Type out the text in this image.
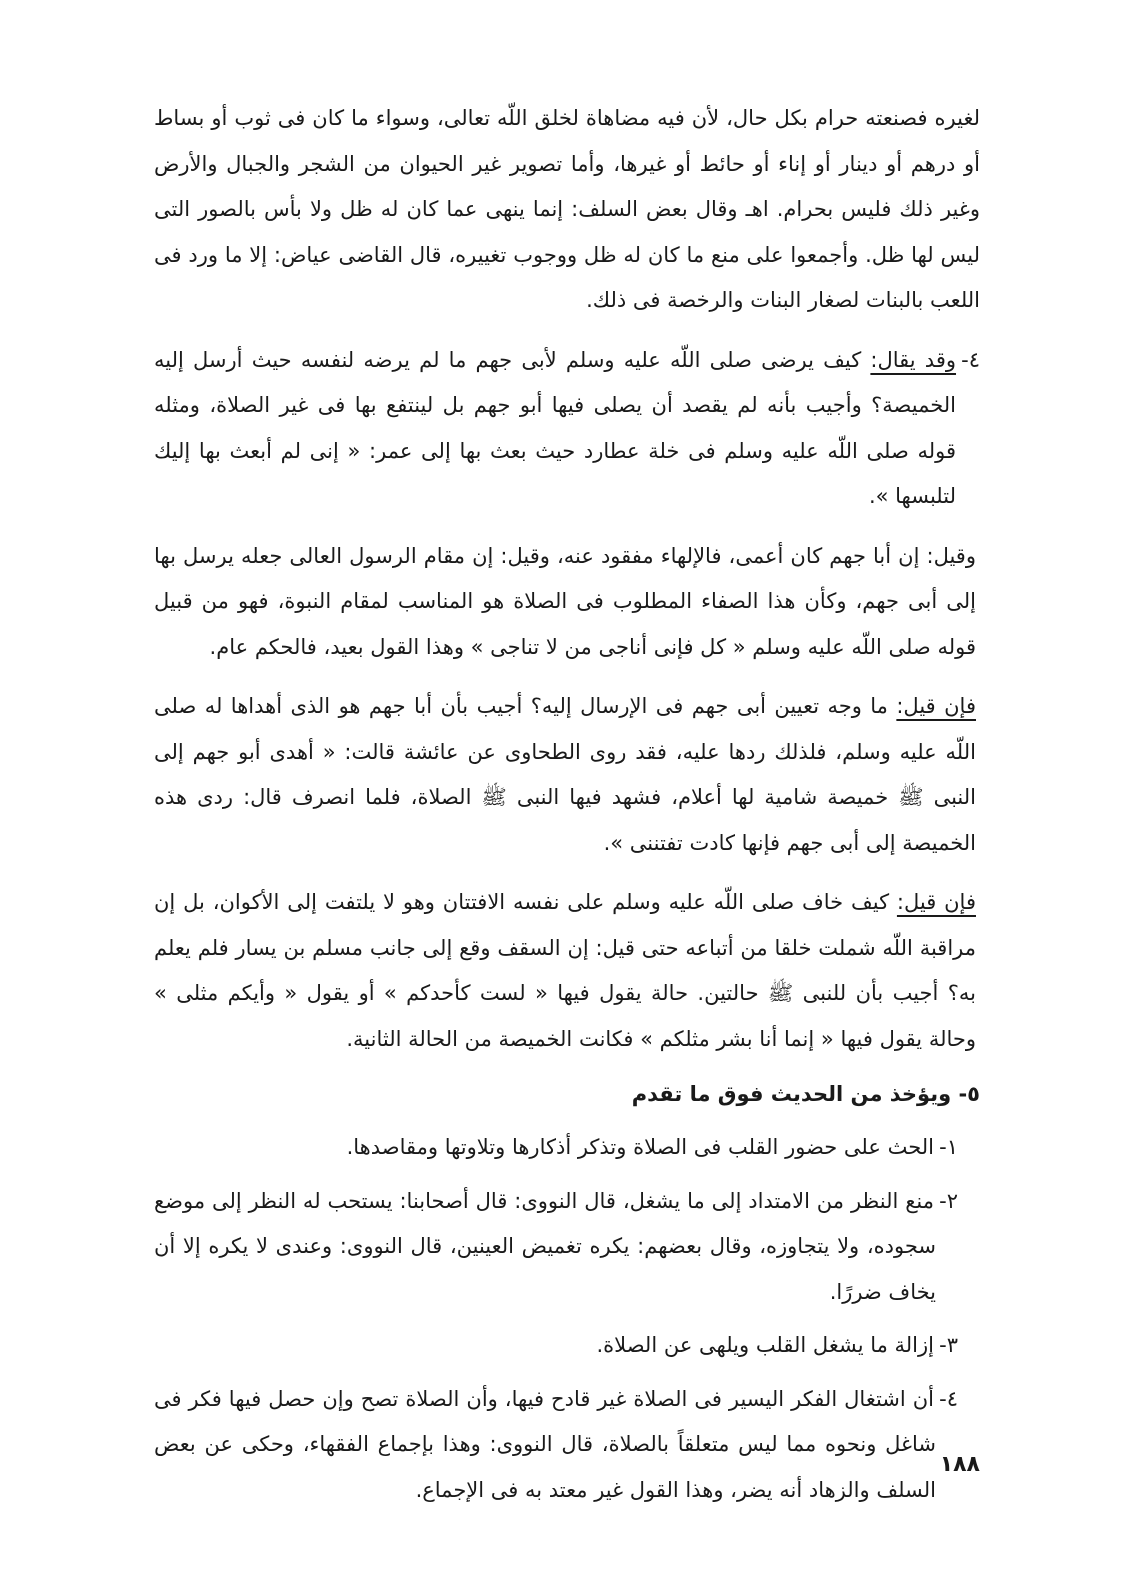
لغيره فصنعته حرام بكل حال، لأن فيه مضاهاة لخلق اللّه تعالى، وسواء ما كان فى ثوب أو بساط أو درهم أو دينار أو إناء أو حائط أو غيرها، وأما تصوير غير الحيوان من الشجر والجبال والأرض وغير ذلك فليس بحرام. اهـ وقال بعض السلف: إنما ينهى عما كان له ظل ولا بأس بالصور التى ليس لها ظل. وأجمعوا على منع ما كان له ظل ووجوب تغييره، قال القاضى عياض: إلا ما ورد فى اللعب بالبنات لصغار البنات والرخصة فى ذلك.

٤-وقد يقال: كيف يرضى صلى اللّه عليه وسلم لأبى جهم ما لم يرضه لنفسه حيث أرسل إليه الخميصة؟ وأجيب بأنه لم يقصد أن يصلى فيها أبو جهم بل لينتفع بها فى غير الصلاة، ومثله قوله صلى اللّه عليه وسلم فى خلة عطارد حيث بعث بها إلى عمر: « إنى لم أبعث بها إليك لتلبسها ».

وقيل: إن أبا جهم كان أعمى، فالإلهاء مفقود عنه، وقيل: إن مقام الرسول العالى جعله يرسل بها إلى أبى جهم، وكأن هذا الصفاء المطلوب فى الصلاة هو المناسب لمقام النبوة، فهو من قبيل قوله صلى اللّه عليه وسلم « كل فإنى أناجى من لا تناجى » وهذا القول بعيد، فالحكم عام.

فإن قيل: ما وجه تعيين أبى جهم فى الإرسال إليه؟ أجيب بأن أبا جهم هو الذى أهداها له صلى اللّه عليه وسلم، فلذلك ردها عليه، فقد روى الطحاوى عن عائشة قالت: « أهدى أبو جهم إلى النبى ﷺ خميصة شامية لها أعلام، فشهد فيها النبى ﷺ الصلاة، فلما انصرف قال: ردى هذه الخميصة إلى أبى جهم فإنها كادت تفتننى ».

فإن قيل: كيف خاف صلى اللّه عليه وسلم على نفسه الافتتان وهو لا يلتفت إلى الأكوان، بل إن مراقبة اللّه شملت خلقا من أتباعه حتى قيل: إن السقف وقع إلى جانب مسلم بن يسار فلم يعلم به؟ أجيب بأن للنبى ﷺ حالتين. حالة يقول فيها « لست كأحدكم » أو يقول « وأيكم مثلى » وحالة يقول فيها « إنما أنا بشر مثلكم » فكانت الخميصة من الحالة الثانية.

٥- ويؤخذ من الحديث فوق ما تقدم

١-الحث على حضور القلب فى الصلاة وتذكر أذكارها وتلاوتها ومقاصدها.

٢-منع النظر من الامتداد إلى ما يشغل، قال النووى: قال أصحابنا: يستحب له النظر إلى موضع سجوده، ولا يتجاوزه، وقال بعضهم: يكره تغميض العينين، قال النووى: وعندى لا يكره إلا أن يخاف ضررًا.

٣-إزالة ما يشغل القلب ويلهى عن الصلاة.

٤-أن اشتغال الفكر اليسير فى الصلاة غير قادح فيها، وأن الصلاة تصح وإن حصل فيها فكر فى شاغل ونحوه مما ليس متعلقاً بالصلاة، قال النووى: وهذا بإجماع الفقهاء، وحكى عن بعض السلف والزهاد أنه يضر، وهذا القول غير معتد به فى الإجماع.

١٨٨
